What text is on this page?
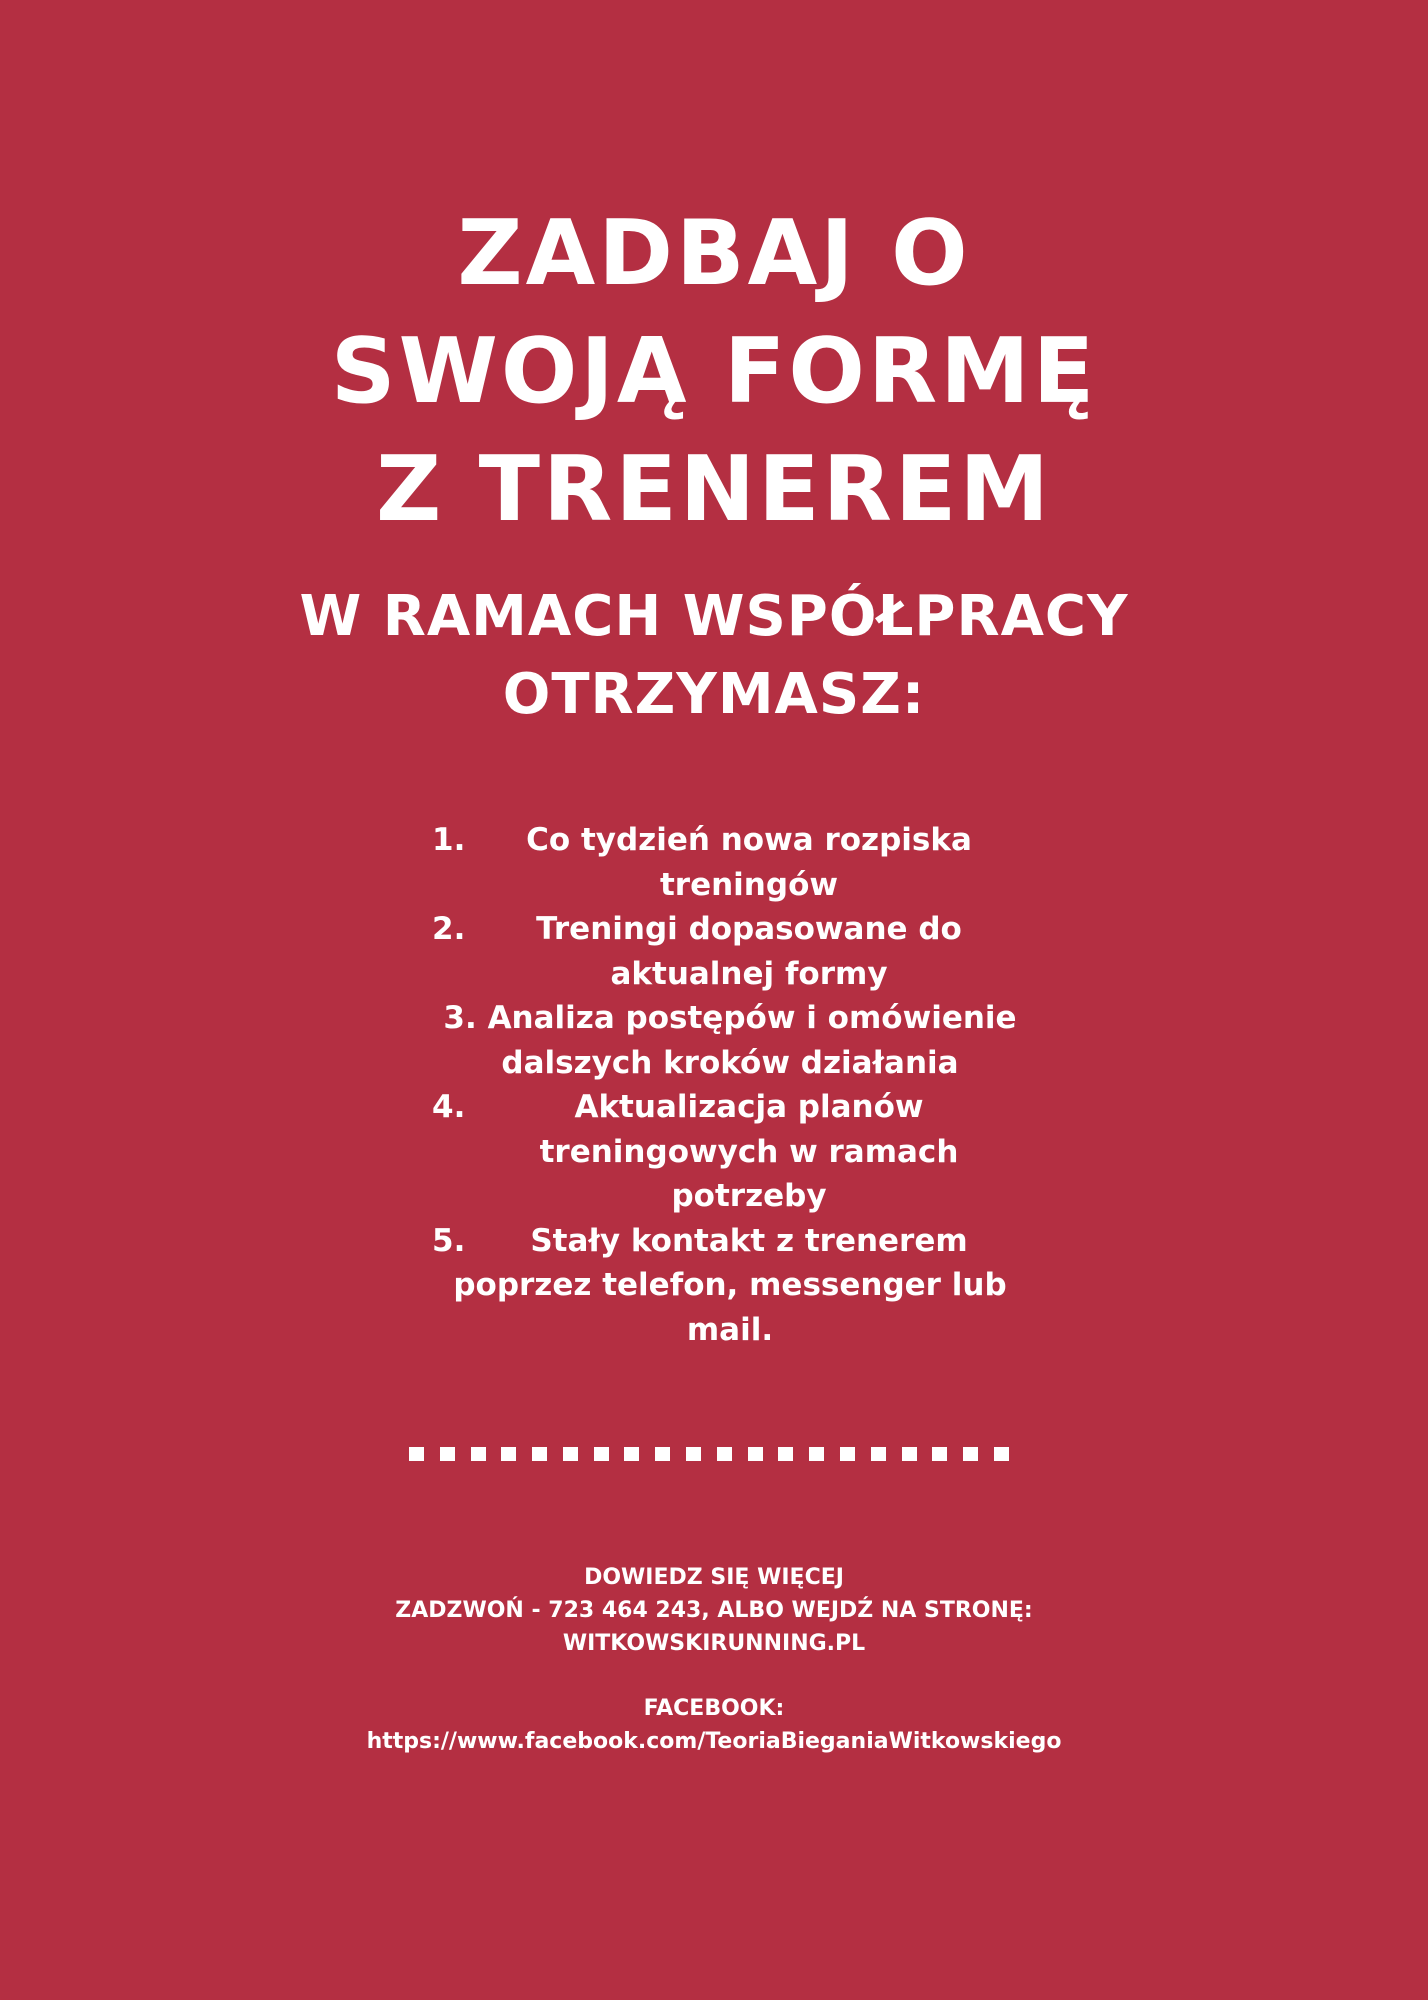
ZADBAJ O
SWOJĄ FORMĘ
Z TRENEREM
W RAMACH WSPÓŁPRACY
OTRZYMASZ:
1.	Co tydzień nowa rozpiska
treningów
2.	Treningi dopasowane do
aktualnej formy
3. Analiza postępów i omówienie
dalszych kroków działania
4.	Aktualizacja planów
treningowych w ramach
potrzeby
5.	Stały kontakt z trenerem
poprzez telefon, messenger lub
mail.
DOWIEDZ SIĘ WIĘCEJ
ZADZWOŃ - 723 464 243, ALBO WEJDŹ NA STRONĘ:
WITKOWSKIRUNNING.PL
FACEBOOK:
https://www.facebook.com/TeoriaBieganiaWitkowskiego
